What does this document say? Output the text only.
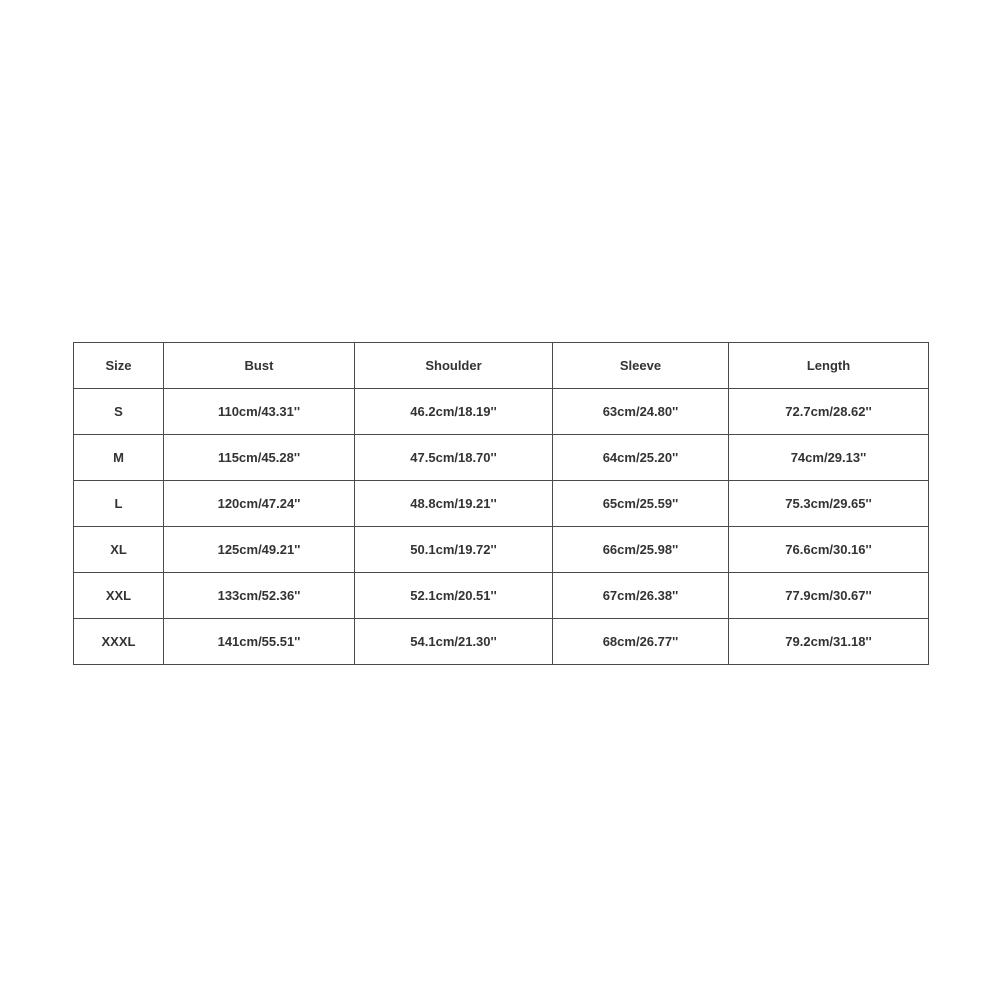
Size	Bust	Shoulder	Sleeve	Length
S	110cm/43.31''	46.2cm/18.19''	63cm/24.80''	72.7cm/28.62''
M	115cm/45.28''	47.5cm/18.70''	64cm/25.20''	74cm/29.13''
L	120cm/47.24''	48.8cm/19.21''	65cm/25.59''	75.3cm/29.65''
XL	125cm/49.21''	50.1cm/19.72''	66cm/25.98''	76.6cm/30.16''
XXL	133cm/52.36''	52.1cm/20.51''	67cm/26.38''	77.9cm/30.67''
XXXL	141cm/55.51''	54.1cm/21.30''	68cm/26.77''	79.2cm/31.18''
